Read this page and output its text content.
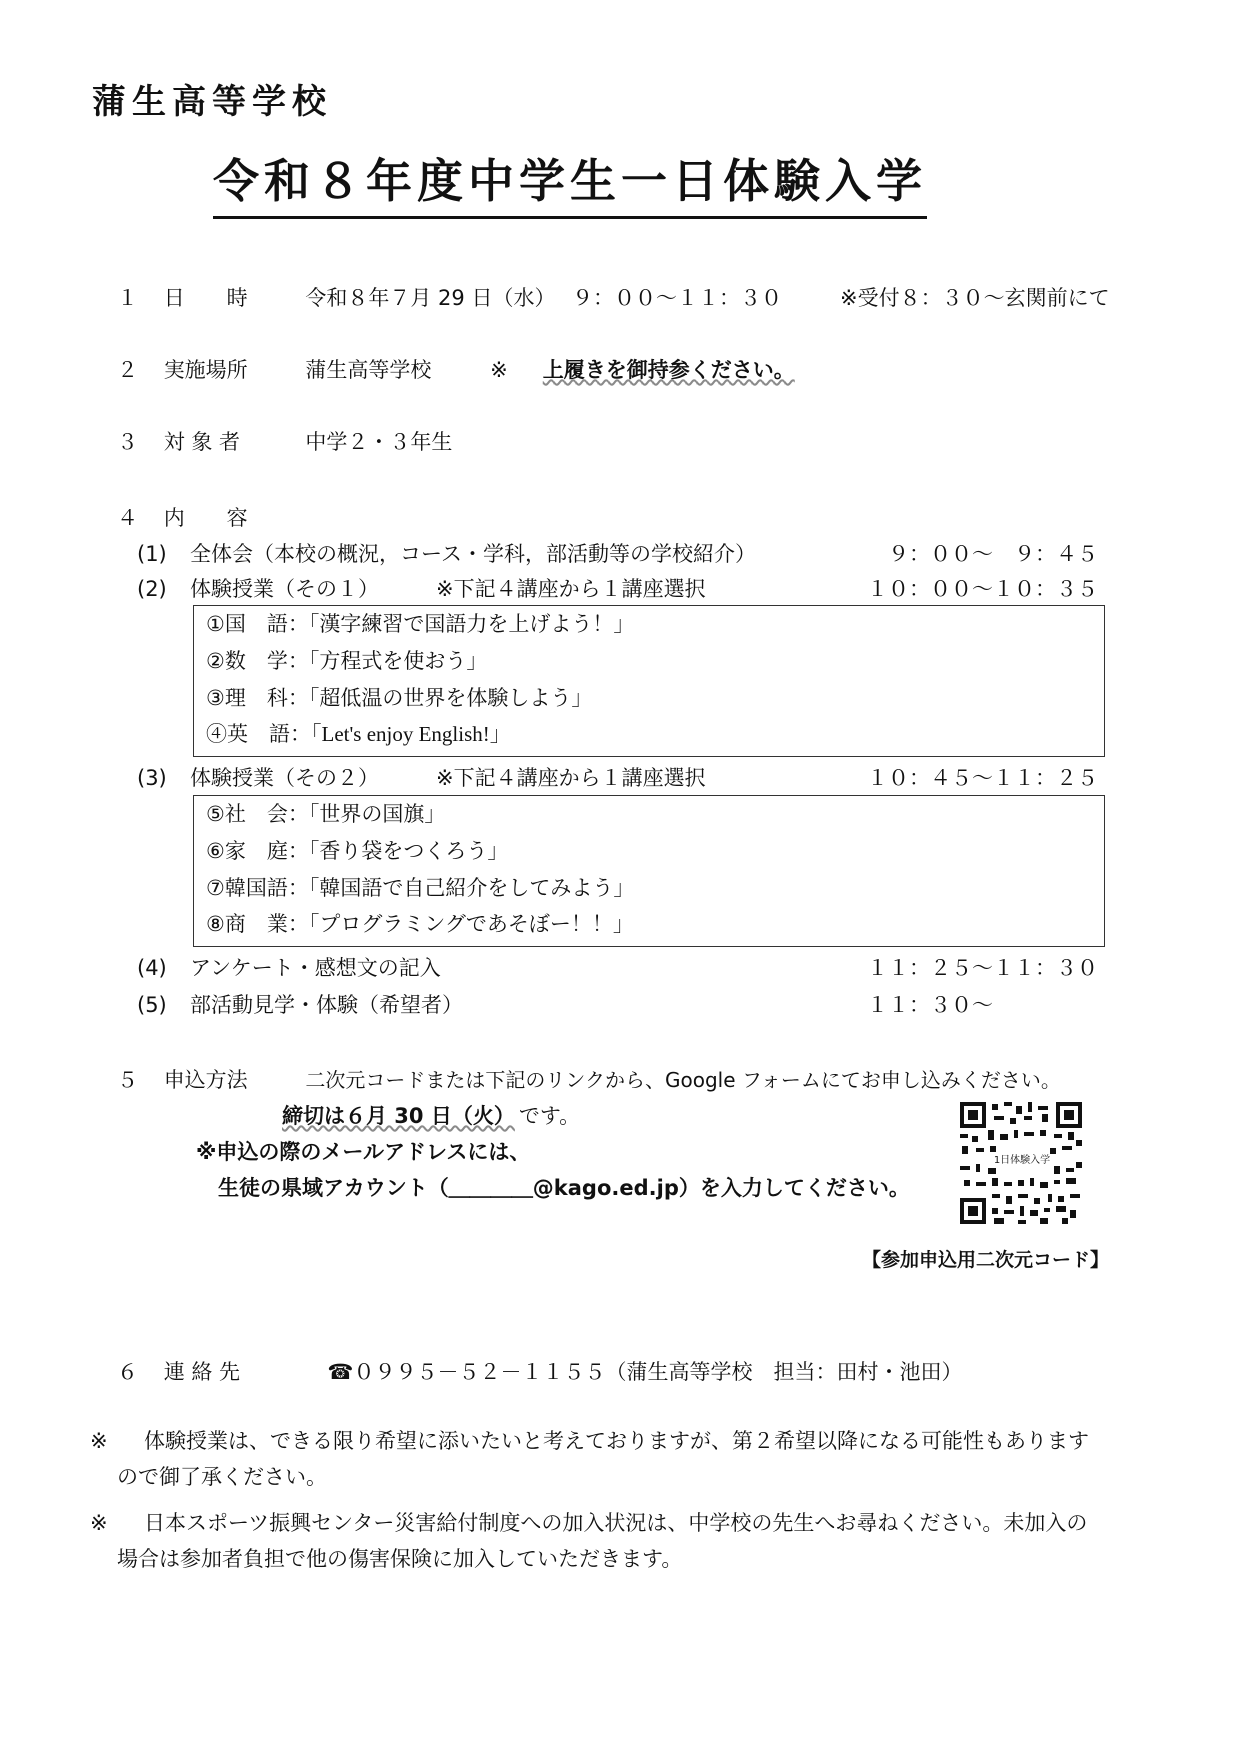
蒲生高等学校
令和８年度中学生一日体験入学
１ 日　　時	令和８年７月 29 日（水） ９：００～１１：３０	※受付８：３０～玄関前にて
２ 実施場所	蒲生高等学校	※ 上履きを御持参ください。
３ 対 象 者	中学２・３年生
４ 内　　容
(1) 全体会（本校の概況，コース・学科，部活動等の学校紹介）	９：００～　９：４５
(2) 体験授業（その１）	※下記４講座から１講座選択	１０：００～１０：３５
①国　語：「漢字練習で国語力を上げよう！」
②数　学：「方程式を使おう」
③理　科：「超低温の世界を体験しよう」
④英　語：「Let's enjoy English!」
(3) 体験授業（その２）	※下記４講座から１講座選択	１０：４５～１１：２５
⑤社　会：「世界の国旗」
⑥家　庭：「香り袋をつくろう」
⑦韓国語：「韓国語で自己紹介をしてみよう」
⑧商　業：「プログラミングであそぼー！！」
(4) アンケート・感想文の記入	１１：２５～１１：３０
(5) 部活動見学・体験（希望者）	１１：３０～
５ 申込方法	二次元コードまたは下記のリンクから、Google フォームにてお申し込みください。
締切は６月 30 日（火） です。
※申込の際のメールアドレスには、
生徒の県域アカウント（＿＿＿＿@kago.ed.jp）を入力してください。
1日体験入学
【参加申込用二次元コード】
６ 連 絡 先	☎０９９５－５２－１１５５（蒲生高等学校　担当：田村・池田）
※ 体験授業は、できる限り希望に添いたいと考えておりますが、第２希望以降になる可能性もあります
ので御了承ください。
※ 日本スポーツ振興センター災害給付制度への加入状況は、中学校の先生へお尋ねください。未加入の
場合は参加者負担で他の傷害保険に加入していただきます。
